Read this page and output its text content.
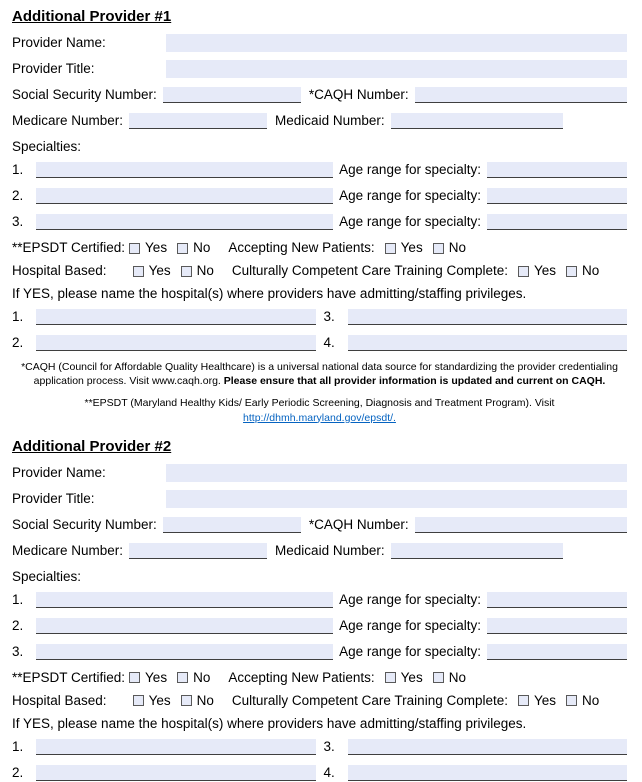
Additional Provider #1
Provider Name:
Provider Title:
Social Security Number:	*CAQH Number:
Medicare Number:	Medicaid Number:
Specialties:
1.	Age range for specialty:
2.	Age range for specialty:
3.	Age range for specialty:
**EPSDT Certified: Yes No Accepting New Patients: Yes No
Hospital Based:	Yes No Culturally Competent Care Training Complete: Yes No
If YES, please name the hospital(s) where providers have admitting/staffing privileges.
1.	3.
2.	4.

*CAQH (Council for Affordable Quality Healthcare) is a universal national data source for standardizing the provider credentialing application process. Visit www.caqh.org. Please ensure that all provider information is updated and current on CAQH.

**EPSDT (Maryland Healthy Kids/ Early Periodic Screening, Diagnosis and Treatment Program). Visit
http://dhmh.maryland.gov/epsdt/.

Additional Provider #2
Provider Name:
Provider Title:
Social Security Number:	*CAQH Number:
Medicare Number:	Medicaid Number:
Specialties:
1.	Age range for specialty:
2.	Age range for specialty:
3.	Age range for specialty:
**EPSDT Certified: Yes No Accepting New Patients: Yes No
Hospital Based:	Yes No Culturally Competent Care Training Complete: Yes No
If YES, please name the hospital(s) where providers have admitting/staffing privileges.
1.	3.
2.	4.
